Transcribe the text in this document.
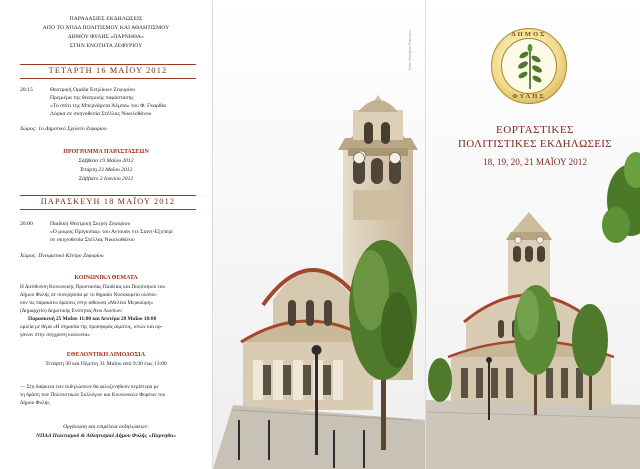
ΠΑΡΑΔΑΣΙΕΣ ΕΚΔΗΛΩΣΕΙΣ
ΑΠΟ ΤΟ ΝΠΔΔ ΠΟΛΙΤΙΣΜΟΥ ΚΑΙ ΑΘΛΗΤΙΣΜΟΥ
ΔΗΜΟΥ ΦΥΛΗΣ «ΠΑΡΝΗΘΑ»
ΣΤΗΝ ΕΝΟΤΗΤΑ ΖΕΦΥΡΙΟΥ
ΤΕΤΑΡΤΗ 16 ΜΑΪΟΥ 2012
20:15	Θεατρική Ομάδα Ενηλίκων Ζεφυρίου
Πρεμιέρα της θεατρικής παράστασης
«Το σπίτι της Μπερνάρντα Άλμπα» του Φ. Γκαρθία
Λόρκα σε σκηνοθεσία Στέλλας Νικολοθάνου
Χώρος: 1ο Δημοτικό Σχολείο Ζεφυρίου
ΠΡΟΓΡΑΜΜΑ ΠΑΡΑΣΤΑΣΕΩΝ
Σάββατο 19 Μαΐου 2012
Τετάρτη 23 Μαΐου 2012
Σάββατο 2 Ιουνίου 2012
ΠΑΡΑΣΚΕΥΗ 18 ΜΑΪΟΥ 2012
20:00	Παιδική Θεατρική Σκηνή Ζεφυρίου
«Ο μικρός Πρίγκιπας» του Αντουάν ντε Σαιντ-Εξυπερί
σε σκηνοθεσία Στέλλας Νικολοθάνου
Χώρος: Πνευματικό Κέντρο Ζεφυρίου
ΚΟΙΝΩΝΙΚΑ ΘΕΜΑΤΑ
Η Διεύθυνση Κοινωνικής Προστασίας Παιδείας και Πολιτισμού του
Δήμου Φυλής σε συνεργασία με το θηριαίο Νοσοκομείο υλοποι-
ούν τις παρακάτω δράσεις στην αίθουσα «Μελίνα Μερκούρη»
(Δημαρχείο) Δημοτικής Ενότητας Άνω Λιοσίων:
Παρασκευή 25 Μαΐου 11:00 και Δευτέρα 28 Μαΐου 18:00
ομιλία με θέμα «Η σημασία της προσφοράς αίματος, ιστών και ορ-
γάνων στην σύγχρονη κοινωνία»
ΕΘΕΛΟΝΤΙΚΗ ΑΙΜΟΔΟΣΙΑ
Τετάρτη 30 και Πέμπτη 31 Μαΐου από 9:30 έως 13:00
— Στη διάρκεια των εκδηλώσεων θα φιλοξενηθούν περίπτερα με
τη δράση των Πολιτιστικών Συλλόγων και Κοινωνικών Φορέων του
Δήμου Φυλής
Οργάνωση και επιμέλεια εκδηλώσεων:
ΝΠΔΔ Πολιτισμού & Αθλητισμού Δήμου Φυλής «Παρνηθα»
Foto: Georgios Giannaris	ΔΗΜΟΣ
ΦΥΛΗΣ
ΕΟΡΤΑΣΤΙΚΕΣ
ΠΟΛΙΤΙΣΤΙΚΕΣ ΕΚΔΗΛΩΣΕΙΣ
18, 19, 20, 21 ΜΑΪΟΥ 2012
